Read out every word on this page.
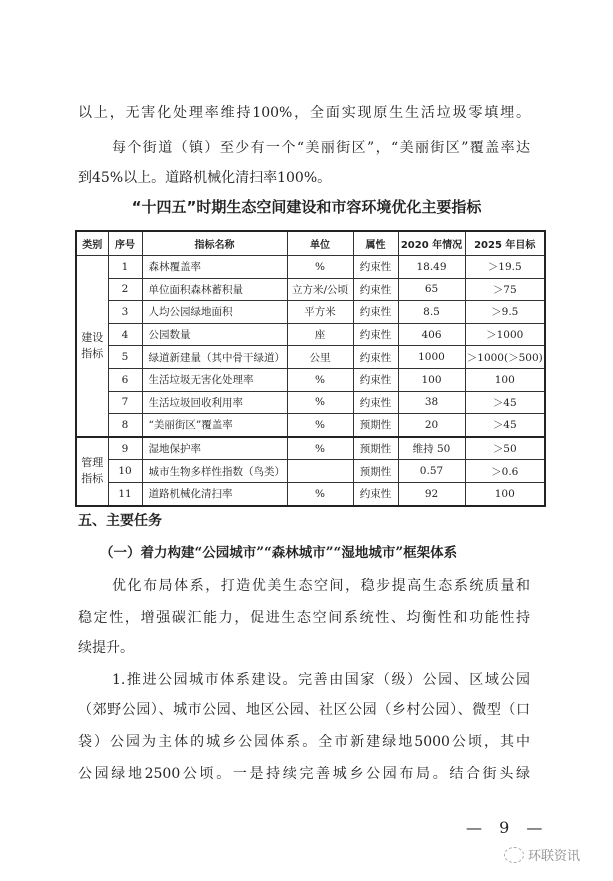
以上，无害化处理率维持100%，全面实现原生生活垃圾零填埋。
每个街道（镇）至少有一个“美丽街区”，“美丽街区”覆盖率达
到45%以上。道路机械化清扫率100%。
“十四五”时期生态空间建设和市容环境优化主要指标
类别	序号	指标名称	单位	属性	2020 年情况	2025 年目标
建设指标	1	森林覆盖率	%	约束性	18.49	＞19.5
	2	单位面积森林蓄积量	立方米/公顷	约束性	65	＞75
	3	人均公园绿地面积	平方米	约束性	8.5	＞9.5
	4	公园数量	座	约束性	406	＞1000
	5	绿道新建量（其中骨干绿道）	公里	约束性	1000	＞1000(＞500)
	6	生活垃圾无害化处理率	%	约束性	100	100
	7	生活垃圾回收利用率	%	约束性	38	＞45
	8	“美丽街区”覆盖率	%	预期性	20	＞45
管理指标	9	湿地保护率	%	预期性	维持 50	＞50
	10	城市生物多样性指数（鸟类）		预期性	0.57	＞0.6
	11	道路机械化清扫率	%	约束性	92	100
五、主要任务
（一）着力构建“公园城市”“森林城市”“湿地城市”框架体系
优化布局体系，打造优美生态空间，稳步提高生态系统质量和
稳定性，增强碳汇能力，促进生态空间系统性、均衡性和功能性持
续提升。
1.推进公园城市体系建设。完善由国家（级）公园、区域公园
（郊野公园）、城市公园、地区公园、社区公园（乡村公园）、微型（口
袋）公园为主体的城乡公园体系。全市新建绿地5000公顷，其中
公园绿地2500公顷。一是持续完善城乡公园布局。结合街头绿
— 9 —
环联资讯
